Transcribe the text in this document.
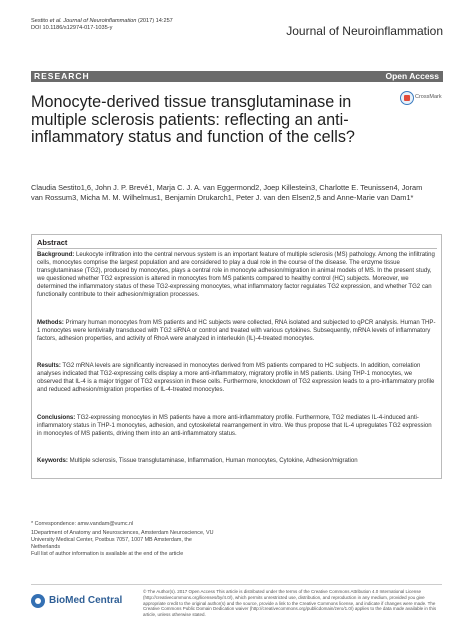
Sestito et al. Journal of Neuroinflammation (2017) 14:257
DOI 10.1186/s12974-017-1035-y	Journal of Neuroinflammation
RESEARCH	Open Access
Monocyte-derived tissue transglutaminase in multiple sclerosis patients: reflecting an anti-inflammatory status and function of the cells?
CrossMark
Claudia Sestito1,6, John J. P. Brevé1, Marja C. J. A. van Eggermond2, Joep Killestein3, Charlotte E. Teunissen4, Joram van Rossum3, Micha M. M. Wilhelmus1, Benjamin Drukarch1, Peter J. van den Elsen2,5 and Anne-Marie van Dam1*
Abstract
Background: Leukocyte infiltration into the central nervous system is an important feature of multiple sclerosis (MS) pathology. Among the infiltrating cells, monocytes comprise the largest population and are considered to play a dual role in the course of the disease. The enzyme tissue transglutaminase (TG2), produced by monocytes, plays a central role in monocyte adhesion/migration in animal models of MS. In the present study, we questioned whether TG2 expression is altered in monocytes from MS patients compared to healthy control (HC) subjects. Moreover, we determined the inflammatory status of these TG2-expressing monocytes, what inflammatory factor regulates TG2 expression, and whether TG2 can functionally contribute to their adhesion/migration processes.
Methods: Primary human monocytes from MS patients and HC subjects were collected, RNA isolated and subjected to qPCR analysis. Human THP-1 monocytes were lentivirally transduced with TG2 siRNA or control and treated with various cytokines. Subsequently, mRNA levels of inflammatory factors, adhesion properties, and activity of RhoA were analyzed in interleukin (IL)-4-treated monocytes.
Results: TG2 mRNA levels are significantly increased in monocytes derived from MS patients compared to HC subjects. In addition, correlation analyses indicated that TG2-expressing cells display a more anti-inflammatory, migratory profile in MS patients. Using THP-1 monocytes, we observed that IL-4 is a major trigger of TG2 expression in these cells. Furthermore, knockdown of TG2 expression leads to a pro-inflammatory profile and reduced adhesion/migration properties of IL-4-treated monocytes.
Conclusions: TG2-expressing monocytes in MS patients have a more anti-inflammatory profile. Furthermore, TG2 mediates IL-4-induced anti-inflammatory status in THP-1 monocytes, adhesion, and cytoskeletal rearrangement in vitro. We thus propose that IL-4 upregulates TG2 expression in monocytes of MS patients, driving them into an anti-inflammatory status.
Keywords: Multiple sclerosis, Tissue transglutaminase, Inflammation, Human monocytes, Cytokine, Adhesion/migration
* Correspondence: amw.vandam@vumc.nl
1Department of Anatomy and Neurosciences, Amsterdam Neuroscience, VU
University Medical Center, Postbus 7057, 1007 MB Amsterdam, the
Netherlands
Full list of author information is available at the end of the article
BioMed Central
© The Author(s). 2017 Open Access This article is distributed under the terms of the Creative Commons Attribution 4.0 International License (http://creativecommons.org/licenses/by/4.0/), which permits unrestricted use, distribution, and reproduction in any medium, provided you give appropriate credit to the original author(s) and the source, provide a link to the Creative Commons license, and indicate if changes were made. The Creative Commons Public Domain Dedication waiver (http://creativecommons.org/publicdomain/zero/1.0/) applies to the data made available in this article, unless otherwise stated.
